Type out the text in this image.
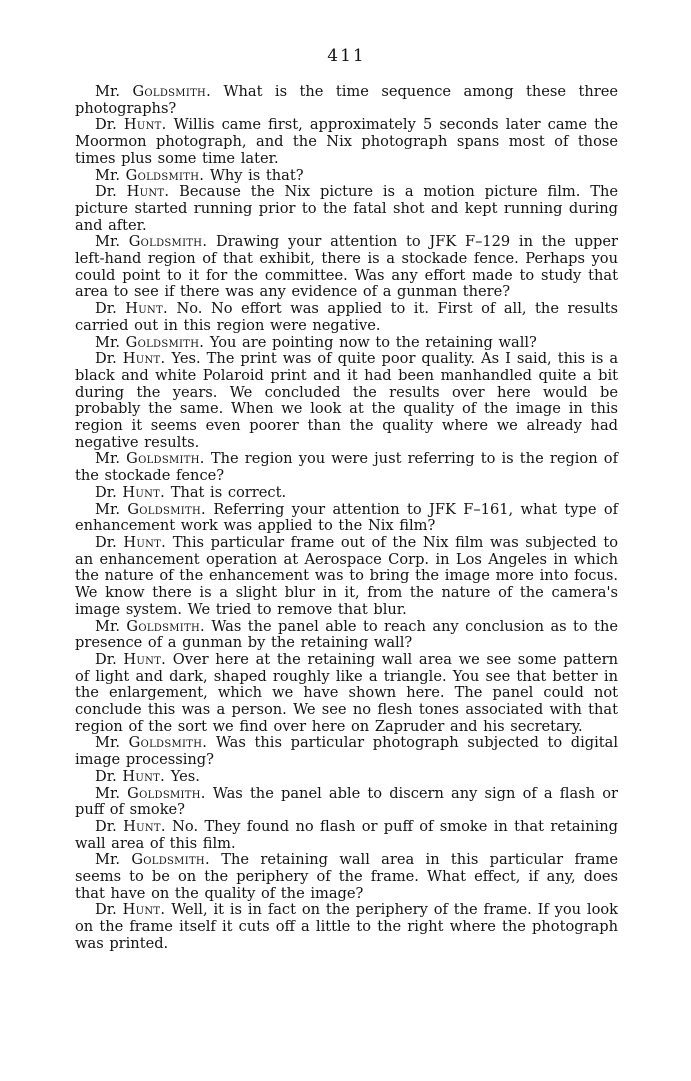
411

Mr. Goldsmith. What is the time sequence among these three photographs?

Dr. Hunt. Willis came first, approximately 5 seconds later came the Moormon photograph, and the Nix photograph spans most of those times plus some time later.

Mr. Goldsmith. Why is that?

Dr. Hunt. Because the Nix picture is a motion picture film. The picture started running prior to the fatal shot and kept running during and after.

Mr. Goldsmith. Drawing your attention to JFK F–129 in the upper left-hand region of that exhibit, there is a stockade fence. Perhaps you could point to it for the committee. Was any effort made to study that area to see if there was any evidence of a gunman there?

Dr. Hunt. No. No effort was applied to it. First of all, the results carried out in this region were negative.

Mr. Goldsmith. You are pointing now to the retaining wall?

Dr. Hunt. Yes. The print was of quite poor quality. As I said, this is a black and white Polaroid print and it had been manhandled quite a bit during the years. We concluded the results over here would be probably the same. When we look at the quality of the image in this region it seems even poorer than the quality where we already had negative results.

Mr. Goldsmith. The region you were just referring to is the region of the stockade fence?

Dr. Hunt. That is correct.

Mr. Goldsmith. Referring your attention to JFK F–161, what type of enhancement work was applied to the Nix film?

Dr. Hunt. This particular frame out of the Nix film was subjected to an enhancement operation at Aerospace Corp. in Los Angeles in which the nature of the enhancement was to bring the image more into focus. We know there is a slight blur in it, from the nature of the camera's image system. We tried to remove that blur.

Mr. Goldsmith. Was the panel able to reach any conclusion as to the presence of a gunman by the retaining wall?

Dr. Hunt. Over here at the retaining wall area we see some pattern of light and dark, shaped roughly like a triangle. You see that better in the enlargement, which we have shown here. The panel could not conclude this was a person. We see no flesh tones associated with that region of the sort we find over here on Zapruder and his secretary.

Mr. Goldsmith. Was this particular photograph subjected to digital image processing?

Dr. Hunt. Yes.

Mr. Goldsmith. Was the panel able to discern any sign of a flash or puff of smoke?

Dr. Hunt. No. They found no flash or puff of smoke in that retaining wall area of this film.

Mr. Goldsmith. The retaining wall area in this particular frame seems to be on the periphery of the frame. What effect, if any, does that have on the quality of the image?

Dr. Hunt. Well, it is in fact on the periphery of the frame. If you look on the frame itself it cuts off a little to the right where the photograph was printed.
